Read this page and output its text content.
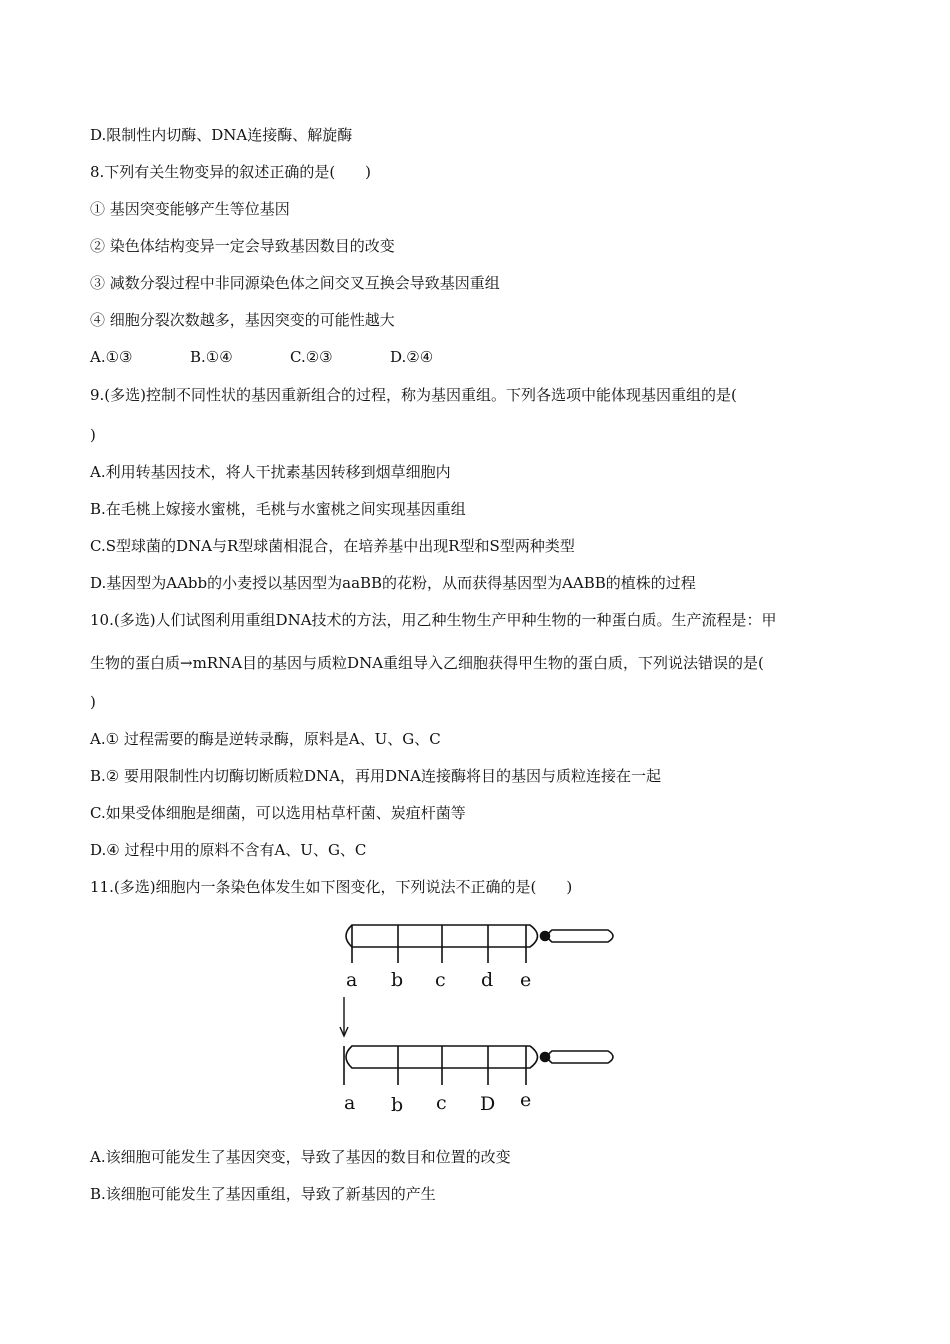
D.限制性内切酶、DNA连接酶、解旋酶
8.下列有关生物变异的叙述正确的是(　　)
① 基因突变能够产生等位基因
② 染色体结构变异一定会导致基因数目的改变
③ 减数分裂过程中非同源染色体之间交叉互换会导致基因重组
④ 细胞分裂次数越多，基因突变的可能性越大
A.①③	B.①④	C.②③	D.②④
9.(多选)控制不同性状的基因重新组合的过程，称为基因重组。下列各选项中能体现基因重组的是(
)
A.利用转基因技术，将人干扰素基因转移到烟草细胞内
B.在毛桃上嫁接水蜜桃，毛桃与水蜜桃之间实现基因重组
C.S型球菌的DNA与R型球菌相混合，在培养基中出现R型和S型两种类型
D.基因型为AAbb的小麦授以基因型为aaBB的花粉，从而获得基因型为AABB的植株的过程
10.(多选)人们试图利用重组DNA技术的方法，用乙种生物生产甲种生物的一种蛋白质。生产流程是：甲
生物的蛋白质→mRNA目的基因与质粒DNA重组导入乙细胞获得甲生物的蛋白质，下列说法错误的是(
)
A.① 过程需要的酶是逆转录酶，原料是A、U、G、C
B.② 要用限制性内切酶切断质粒DNA，再用DNA连接酶将目的基因与质粒连接在一起
C.如果受体细胞是细菌，可以选用枯草杆菌、炭疽杆菌等
D.④ 过程中用的原料不含有A、U、G、C
11.(多选)细胞内一条染色体发生如下图变化，下列说法不正确的是(　　)
a b c d e
a b c D e
A.该细胞可能发生了基因突变，导致了基因的数目和位置的改变
B.该细胞可能发生了基因重组，导致了新基因的产生
